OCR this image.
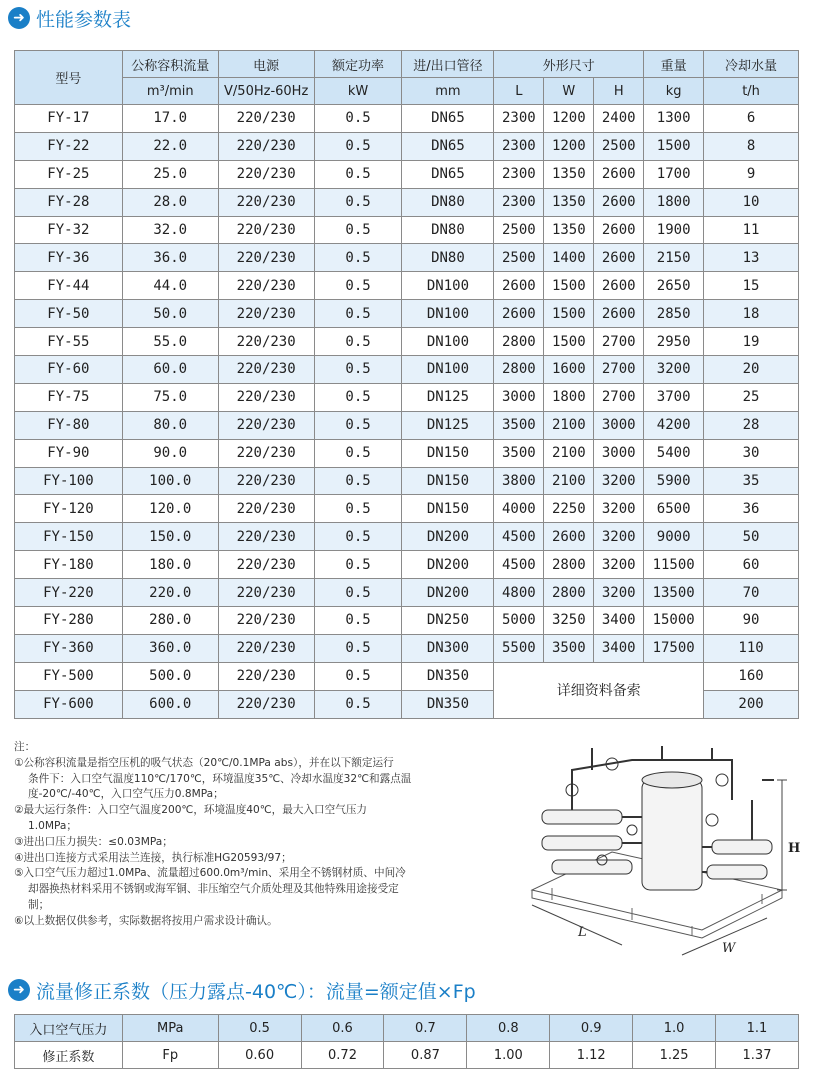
➜ 性能参数表
型号	公称容积流量	电源	额定功率	进/出口管径	外形尺寸			重量	冷却水量
	m³/min	V/50Hz-60Hz	kW	mm	L	W	H	kg	t/h
FY-17	17.0	220/230	0.5	DN65	2300	1200	2400	1300	6
FY-22	22.0	220/230	0.5	DN65	2300	1200	2500	1500	8
FY-25	25.0	220/230	0.5	DN65	2300	1350	2600	1700	9
FY-28	28.0	220/230	0.5	DN80	2300	1350	2600	1800	10
FY-32	32.0	220/230	0.5	DN80	2500	1350	2600	1900	11
FY-36	36.0	220/230	0.5	DN80	2500	1400	2600	2150	13
FY-44	44.0	220/230	0.5	DN100	2600	1500	2600	2650	15
FY-50	50.0	220/230	0.5	DN100	2600	1500	2600	2850	18
FY-55	55.0	220/230	0.5	DN100	2800	1500	2700	2950	19
FY-60	60.0	220/230	0.5	DN100	2800	1600	2700	3200	20
FY-75	75.0	220/230	0.5	DN125	3000	1800	2700	3700	25
FY-80	80.0	220/230	0.5	DN125	3500	2100	3000	4200	28
FY-90	90.0	220/230	0.5	DN150	3500	2100	3000	5400	30
FY-100	100.0	220/230	0.5	DN150	3800	2100	3200	5900	35
FY-120	120.0	220/230	0.5	DN150	4000	2250	3200	6500	36
FY-150	150.0	220/230	0.5	DN200	4500	2600	3200	9000	50
FY-180	180.0	220/230	0.5	DN200	4500	2800	3200	11500	60
FY-220	220.0	220/230	0.5	DN200	4800	2800	3200	13500	70
FY-280	280.0	220/230	0.5	DN250	5000	3250	3400	15000	90
FY-360	360.0	220/230	0.5	DN300	5500	3500	3400	17500	110
FY-500	500.0	220/230	0.5	DN350	详细资料备索				160
FY-600	600.0	220/230	0.5	DN350					200
注：
①公称容积流量是指空压机的吸气状态（20℃/0.1MPa abs），并在以下额定运行
条件下：入口空气温度110℃/170℃，环境温度35℃、冷却水温度32℃和露点温
度-20℃/-40℃，入口空气压力0.8MPa；
②最大运行条件：入口空气温度200℃，环境温度40℃，最大入口空气压力
1.0MPa；
③进出口压力损失：≤0.03MPa；
④进出口连接方式采用法兰连接，执行标准HG20593/97；
⑤入口空气压力超过1.0MPa、流量超过600.0m³/min、采用全不锈钢材质、中间冷
却器换热材料采用不锈钢或海军铜、非压缩空气介质处理及其他特殊用途接受定
制；
⑥以上数据仅供参考，实际数据将按用户需求设计确认。
L
W
H
➜ 流量修正系数（压力露点-40℃）：流量=额定值×Fp
入口空气压力	MPa	0.5	0.6	0.7	0.8	0.9	1.0	1.1
修正系数	Fp	0.60	0.72	0.87	1.00	1.12	1.25	1.37
